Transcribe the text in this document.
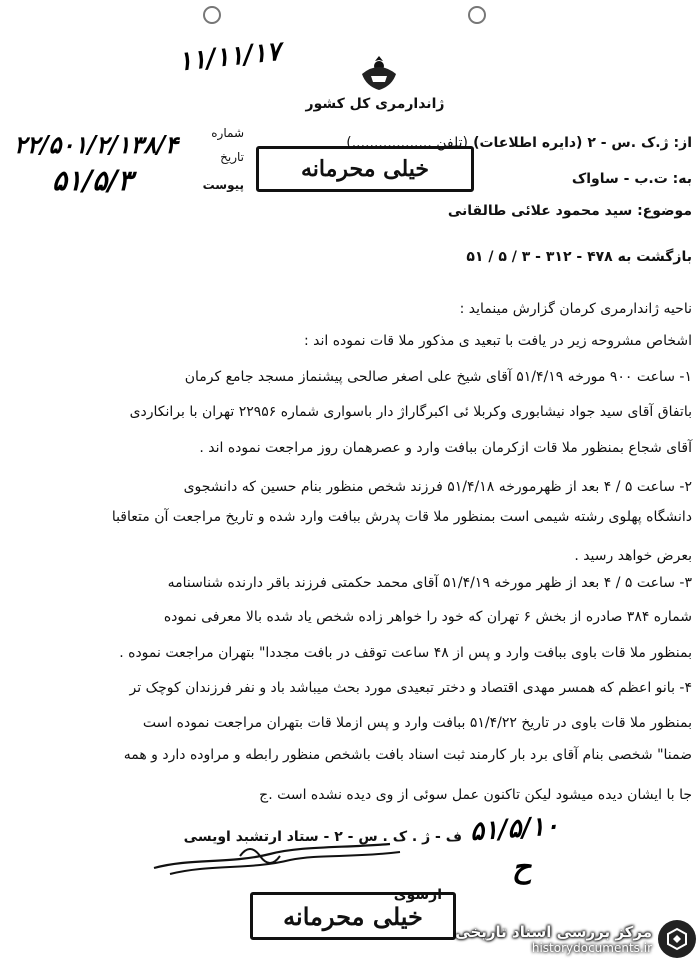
۱۱/۱۱/۱۷
ژاندارمری کل کشور
شماره
تاریخ
پیوست
۲۲/۵۰۱/۲/۱۳۸/۴
۵۱/۵/۳	خیلی محرمانه
از: ژ.ک .س - ۲ (دایره اطلاعات)
(تلفن ..................)
به: ت.ب - ساواک
موضوع: سید محمود علائی طالقانی
بازگشت به ۴۷۸ - ۳۱۲ - ۳ / ۵ / ۵۱
ناحیه ژاندارمری کرمان گزارش مینماید :
اشخاص مشروحه زیر در یافت با تبعید ی مذکور ملا قات نموده اند :
۱- ساعت ۹۰۰ مورخه ۵۱/۴/۱۹ آقای شیخ علی اصغر صالحی پیشنماز مسجد جامع کرمان
باتفاق آقای سید جواد نیشابوری وکربلا ئی اکبرگاراژ دار باسواری شماره ۲۲۹۵۶ تهران با برانکاردی
آقای شجاع بمنظور ملا قات ازکرمان ببافت وارد و عصرهمان روز مراجعت نموده اند .
۲- ساعت ۵ / ۴ بعد از ظهرمورخه ۵۱/۴/۱۸ فرزند شخص منظور بنام حسین که دانشجوی
دانشگاه پهلوی رشته شیمی است بمنظور ملا قات پدرش ببافت وارد شده و تاریخ مراجعت آن متعاقبا
بعرض خواهد رسید .
۳- ساعت ۵ / ۴ بعد از ظهر مورخه ۵۱/۴/۱۹ آقای محمد حکمتی فرزند باقر دارنده شناسنامه
شماره ۳۸۴ صادره از بخش ۶ تهران که خود را خواهر زاده شخص یاد شده بالا معرفی نموده
بمنظور ملا قات باوی ببافت وارد و پس از ۴۸ ساعت توقف در بافت مجددا" بتهران مراجعت نموده .
۴- بانو اعظم که همسر مهدی اقتصاد و دختر تبعیدی مورد بحث میباشد باد و نفر فرزندان کوچک تر
بمنظور ملا قات باوی در تاریخ ۵۱/۴/۲۲ ببافت وارد و پس ازملا قات بتهران مراجعت نموده است
ضمنا" شخصی بنام آقای برد بار کارمند ثبت اسناد بافت باشخص منظور رابطه و مراوده دارد و همه
جا با ایشان دیده میشود لیکن تاکنون عمل سوئی از وی دیده نشده است .ج
ف - ژ . ک . س - ۲ - ستاد ارتشبد اویسی
ازسوی
۵۱/۵/۱۰
ح
خیلی محرمانه
مرکز بررسی اسناد تاریخی
historydocuments.ir
